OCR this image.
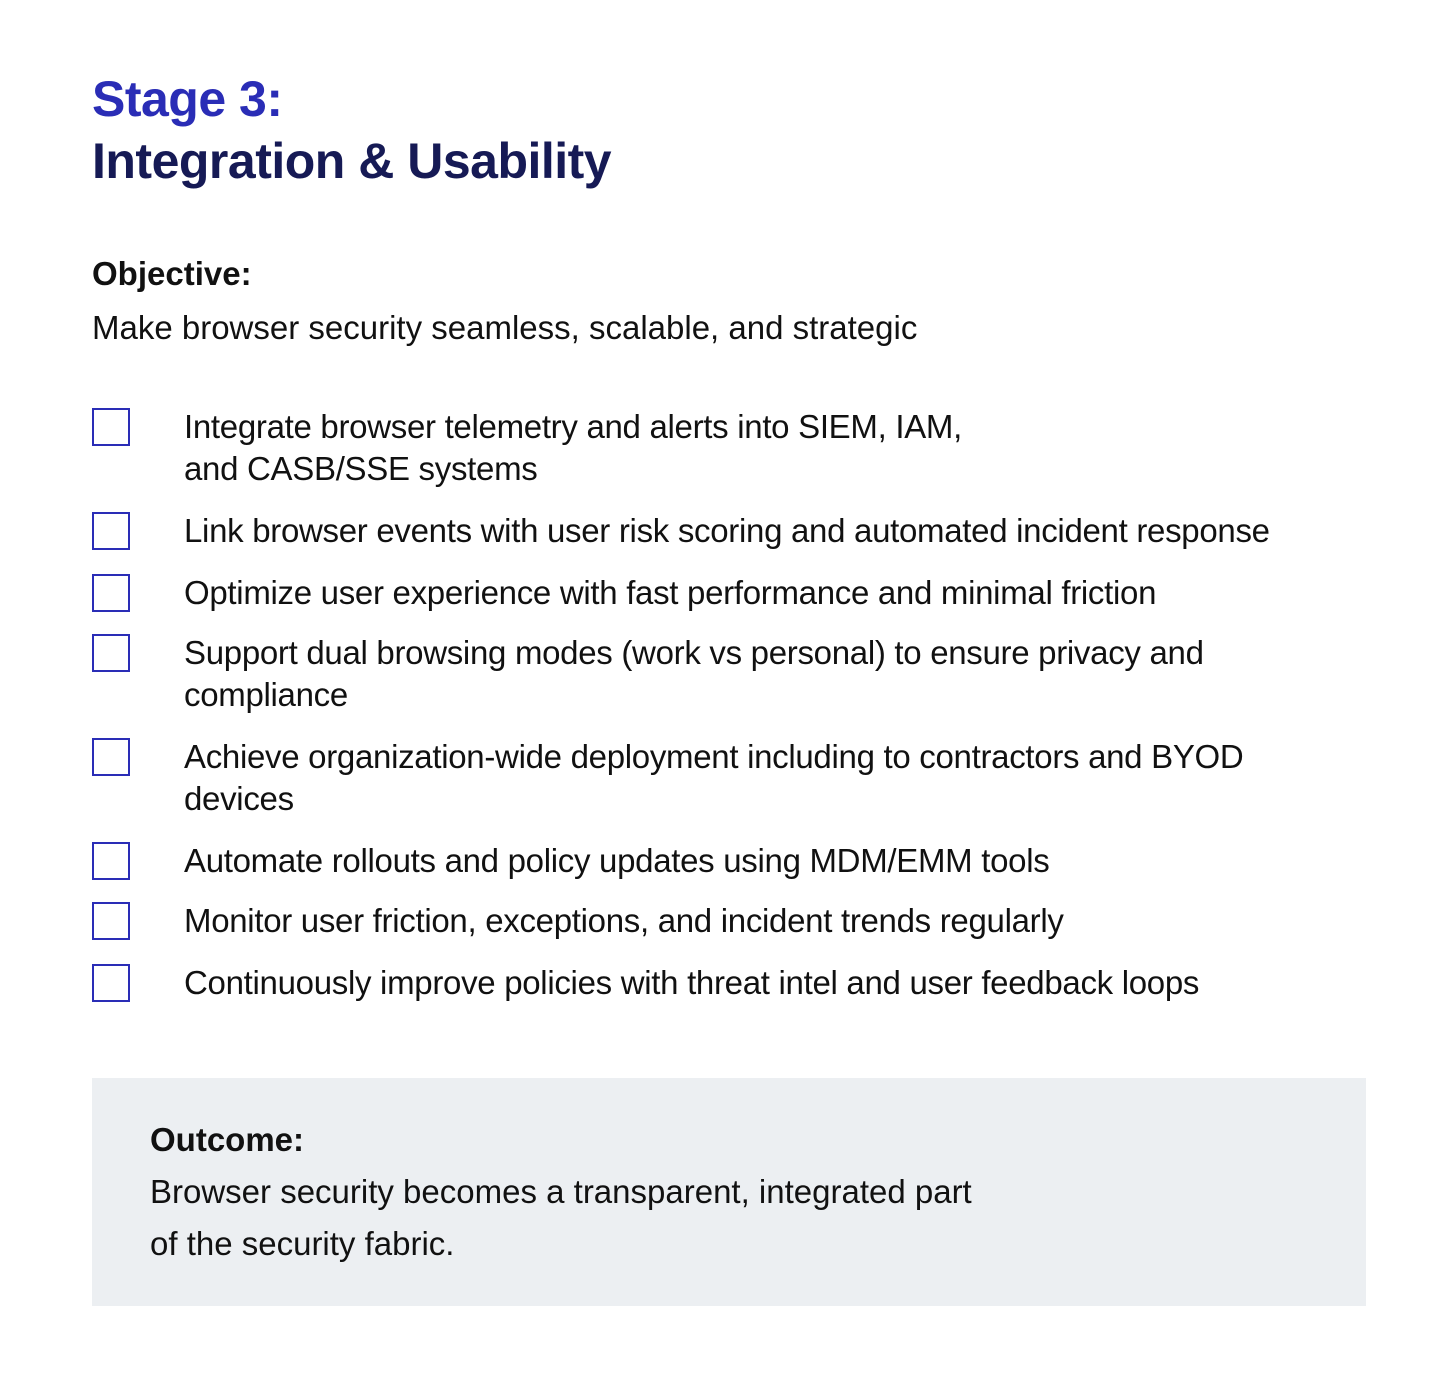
Stage 3:
Integration & Usability
Objective:
Make browser security seamless, scalable, and strategic
Integrate browser telemetry and alerts into SIEM, IAM,
and CASB/SSE systems
Link browser events with user risk scoring and automated incident response
Optimize user experience with fast performance and minimal friction
Support dual browsing modes (work vs personal) to ensure privacy and
compliance
Achieve organization-wide deployment including to contractors and BYOD
devices
Automate rollouts and policy updates using MDM/EMM tools
Monitor user friction, exceptions, and incident trends regularly
Continuously improve policies with threat intel and user feedback loops
Outcome:
Browser security becomes a transparent, integrated part
of the security fabric.
